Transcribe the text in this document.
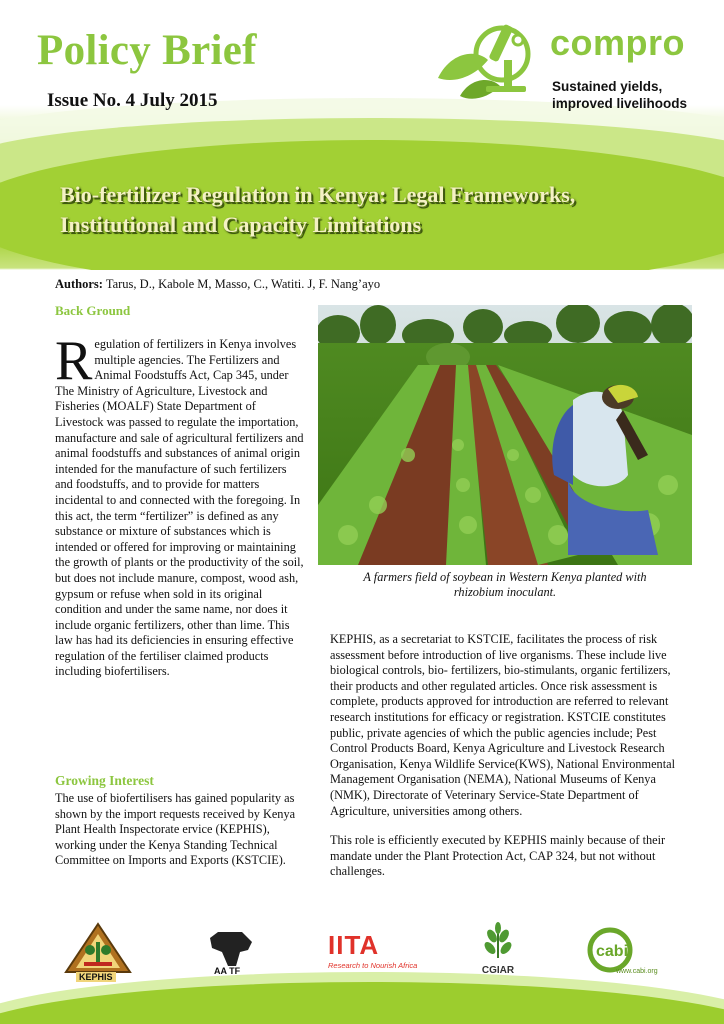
Policy Brief
Issue No. 4 July 2015
compro
Sustained yields,
improved livelihoods
Bio-fertilizer Regulation in Kenya: Legal Frameworks,
Institutional and Capacity Limitations
Authors: Tarus, D., Kabole M, Masso, C., Watiti. J, F. Nang’ayo
Back Ground
Regulation of fertilizers in Kenya involves multiple agencies. The Fertilizers and Animal Foodstuffs Act, Cap 345, under The Ministry of Agriculture, Livestock and Fisheries (MOALF) State Department of Livestock was passed to regulate the importation, manufacture and sale of agricultural fertilizers and animal foodstuffs and substances of animal origin intended for the manufacture of such fertilizers and foodstuffs, and to provide for matters incidental to and connected with the foregoing. In this act, the term “fertilizer” is defined as any substance or mixture of substances which is intended or offered for improving or maintaining the growth of plants or the productivity of the soil, but does not include manure, compost, wood ash, gypsum or refuse when sold in its original condition and under the same name, nor does it include organic fertilizers, other than lime. This law has had its deficiencies in ensuring effective regulation of the fertiliser claimed products including biofertilisers.
Growing Interest
The use of biofertilisers has gained popularity as shown by the import requests received by Kenya Plant Health Inspectorate ervice (KEPHIS), working under the Kenya Standing Technical Committee on Imports and Exports (KSTCIE).
A farmers field of soybean in Western Kenya planted with
rhizobium inoculant.
KEPHIS, as a secretariat to KSTCIE, facilitates the process of risk assessment before introduction of live organisms. These include live biological controls, bio- fertilizers, bio-stimulants, organic fertilizers, their products and other regulated articles. Once risk assessment is complete, products approved for introduction are referred to relevant research institutions for efficacy or registration. KSTCIE constitutes public, private agencies of which the public agencies include; Pest Control Products Board, Kenya Agriculture and Livestock Research Organisation, Kenya Wildlife Service(KWS), National Environmental Management Organisation (NEMA), National Museums of Kenya (NMK), Directorate of Veterinary Service-State Department of Agriculture, universities among others.
This role is efficiently executed by KEPHIS mainly because of their mandate under the Plant Protection Act, CAP 324, but not without challenges.
KEPHIS
AA TF
IITA
Research to Nourish Africa	CGIAR
cabi
www.cabi.org
